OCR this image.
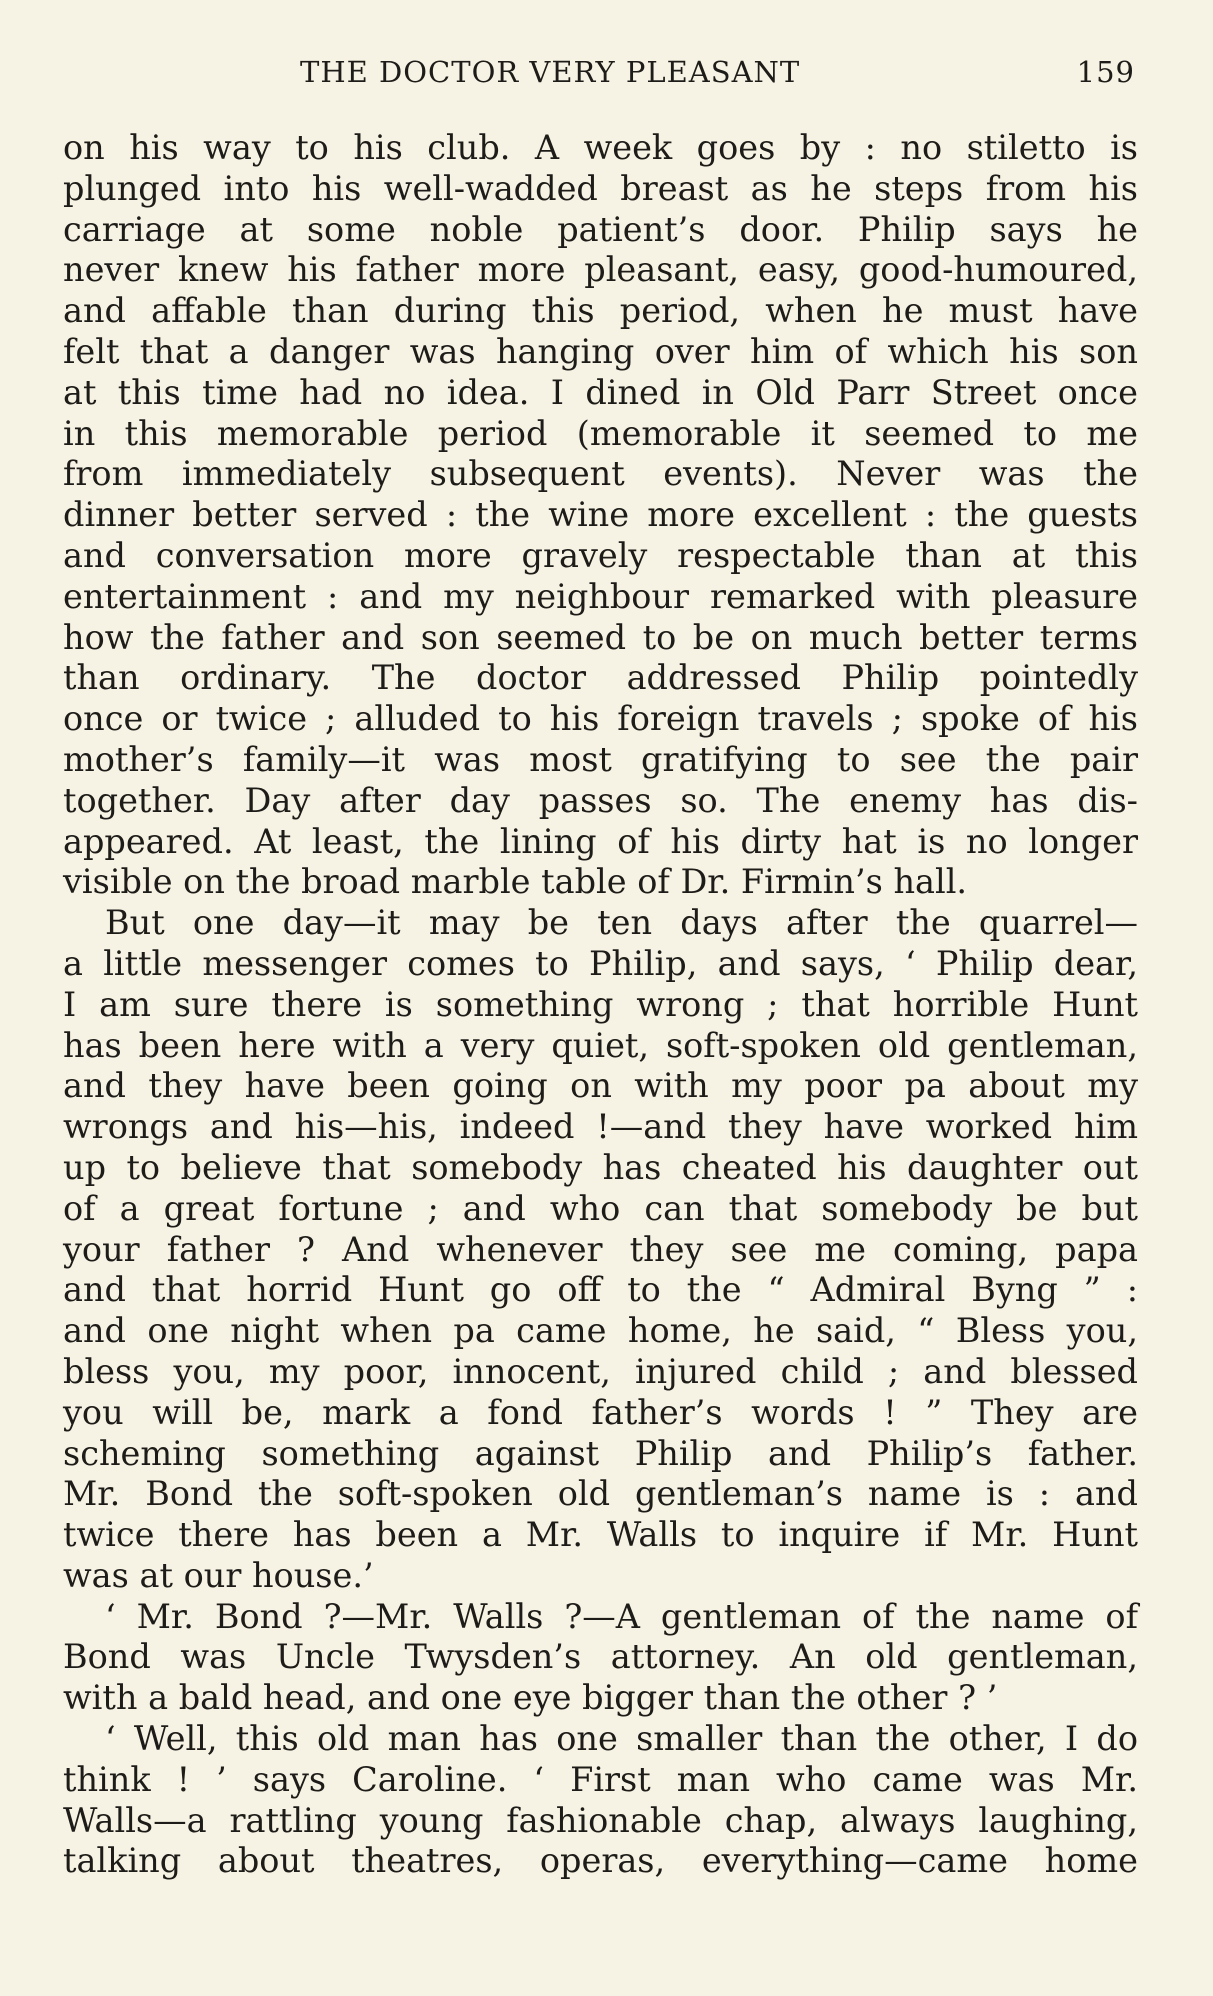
THE DOCTOR VERY PLEASANT	159
on his way to his club. A week goes by : no stiletto is
plunged into his well-wadded breast as he steps from his
carriage at some noble patient’s door. Philip says he
never knew his father more pleasant, easy, good-humoured,
and affable than during this period, when he must have
felt that a danger was hanging over him of which his son
at this time had no idea. I dined in Old Parr Street once
in this memorable period (memorable it seemed to me
from immediately subsequent events). Never was the
dinner better served : the wine more excellent : the guests
and conversation more gravely respectable than at this
entertainment : and my neighbour remarked with pleasure
how the father and son seemed to be on much better terms
than ordinary. The doctor addressed Philip pointedly
once or twice ; alluded to his foreign travels ; spoke of his
mother’s family—it was most gratifying to see the pair
together. Day after day passes so. The enemy has dis-
appeared. At least, the lining of his dirty hat is no longer
visible on the broad marble table of Dr. Firmin’s hall.
But one day—it may be ten days after the quarrel—
a little messenger comes to Philip, and says, ‘ Philip dear,
I am sure there is something wrong ; that horrible Hunt
has been here with a very quiet, soft-spoken old gentleman,
and they have been going on with my poor pa about my
wrongs and his—his, indeed !—and they have worked him
up to believe that somebody has cheated his daughter out
of a great fortune ; and who can that somebody be but
your father ? And whenever they see me coming, papa
and that horrid Hunt go off to the “ Admiral Byng ” :
and one night when pa came home, he said, “ Bless you,
bless you, my poor, innocent, injured child ; and blessed
you will be, mark a fond father’s words ! ” They are
scheming something against Philip and Philip’s father.
Mr. Bond the soft-spoken old gentleman’s name is : and
twice there has been a Mr. Walls to inquire if Mr. Hunt
was at our house.’
‘ Mr. Bond ?—Mr. Walls ?—A gentleman of the name of
Bond was Uncle Twysden’s attorney. An old gentleman,
with a bald head, and one eye bigger than the other ? ’
‘ Well, this old man has one smaller than the other, I do
think ! ’ says Caroline. ‘ First man who came was Mr.
Walls—a rattling young fashionable chap, always laughing,
talking about theatres, operas, everything—came home
